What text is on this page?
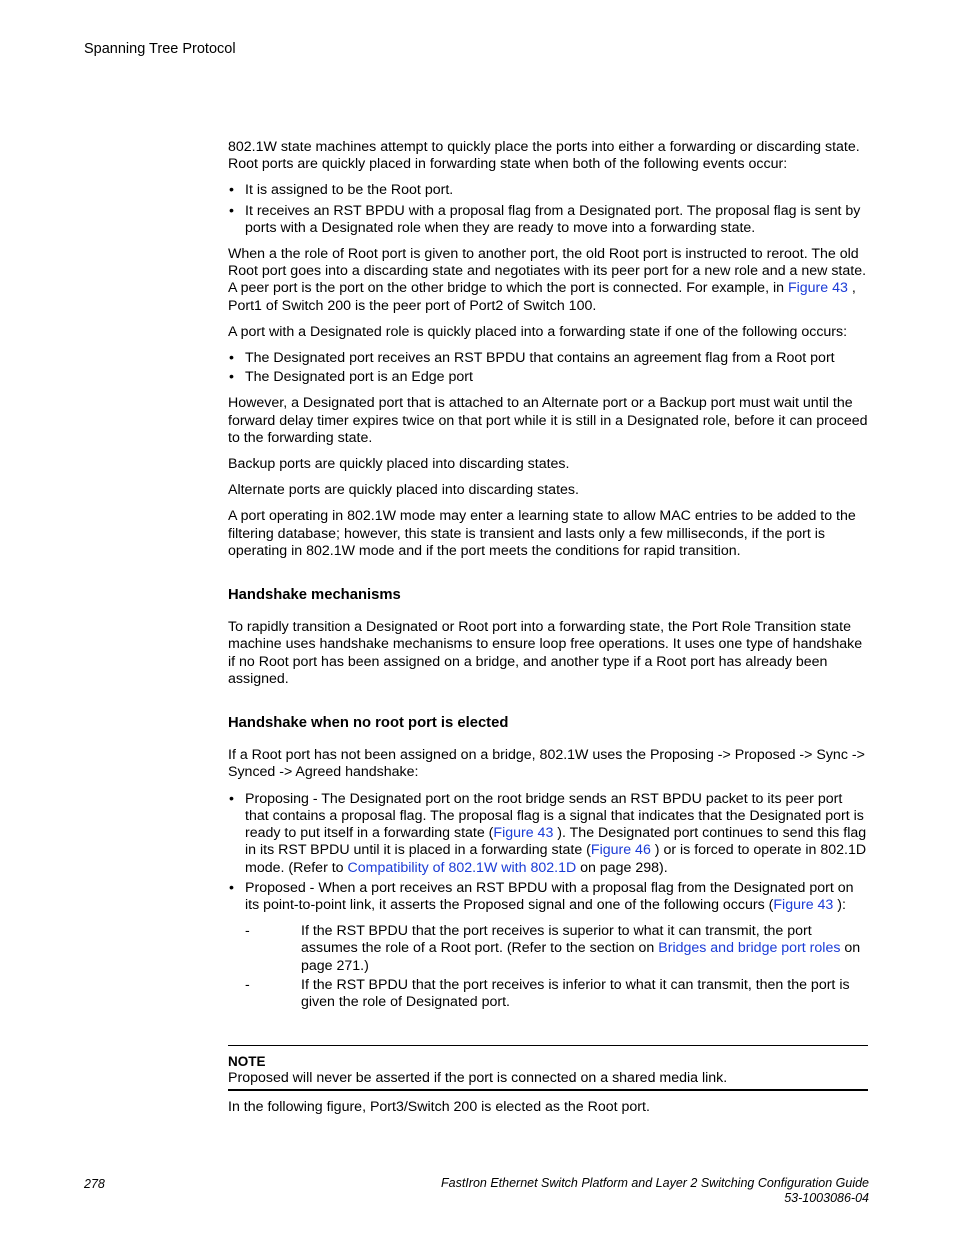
Spanning Tree Protocol

802.1W state machines attempt to quickly place the ports into either a forwarding or discarding state. Root ports are quickly placed in forwarding state when both of the following events occur:

• It is assigned to be the Root port.
• It receives an RST BPDU with a proposal flag from a Designated port. The proposal flag is sent by ports with a Designated role when they are ready to move into a forwarding state.

When a the role of Root port is given to another port, the old Root port is instructed to reroot. The old Root port goes into a discarding state and negotiates with its peer port for a new role and a new state. A peer port is the port on the other bridge to which the port is connected. For example, in Figure 43 , Port1 of Switch 200 is the peer port of Port2 of Switch 100.

A port with a Designated role is quickly placed into a forwarding state if one of the following occurs:

• The Designated port receives an RST BPDU that contains an agreement flag from a Root port
• The Designated port is an Edge port

However, a Designated port that is attached to an Alternate port or a Backup port must wait until the forward delay timer expires twice on that port while it is still in a Designated role, before it can proceed to the forwarding state.

Backup ports are quickly placed into discarding states.

Alternate ports are quickly placed into discarding states.

A port operating in 802.1W mode may enter a learning state to allow MAC entries to be added to the filtering database; however, this state is transient and lasts only a few milliseconds, if the port is operating in 802.1W mode and if the port meets the conditions for rapid transition.

Handshake mechanisms

To rapidly transition a Designated or Root port into a forwarding state, the Port Role Transition state machine uses handshake mechanisms to ensure loop free operations. It uses one type of handshake if no Root port has been assigned on a bridge, and another type if a Root port has already been assigned.

Handshake when no root port is elected

If a Root port has not been assigned on a bridge, 802.1W uses the Proposing -> Proposed -> Sync -> Synced -> Agreed handshake:

• Proposing - The Designated port on the root bridge sends an RST BPDU packet to its peer port that contains a proposal flag. The proposal flag is a signal that indicates that the Designated port is ready to put itself in a forwarding state (Figure 43 ). The Designated port continues to send this flag in its RST BPDU until it is placed in a forwarding state (Figure 46 ) or is forced to operate in 802.1D mode. (Refer to Compatibility of 802.1W with 802.1D on page 298).
• Proposed - When a port receives an RST BPDU with a proposal flag from the Designated port on its point-to-point link, it asserts the Proposed signal and one of the following occurs (Figure 43 ):
-	If the RST BPDU that the port receives is superior to what it can transmit, the port assumes the role of a Root port. (Refer to the section on Bridges and bridge port roles on page 271.)
-	If the RST BPDU that the port receives is inferior to what it can transmit, then the port is given the role of Designated port.
NOTE
Proposed will never be asserted if the port is connected on a shared media link.

In the following figure, Port3/Switch 200 is elected as the Root port.

278	FastIron Ethernet Switch Platform and Layer 2 Switching Configuration Guide
53-1003086-04
